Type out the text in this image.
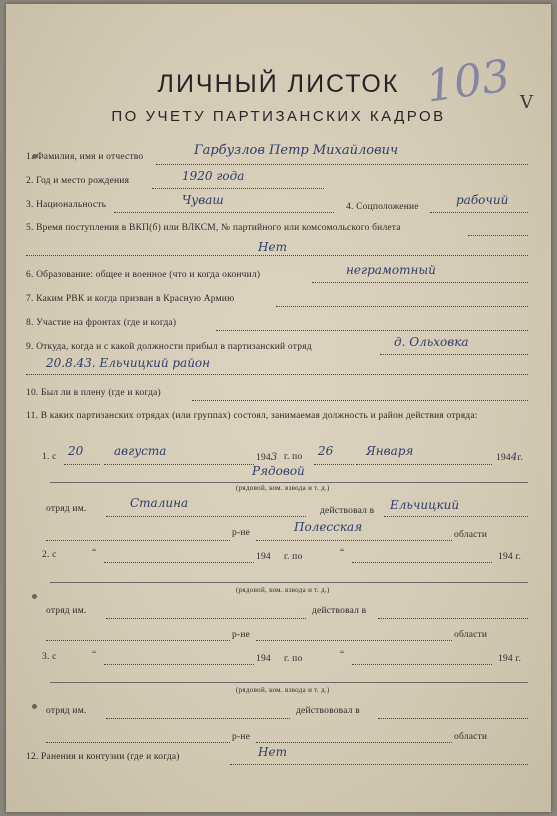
ЛИЧНЫЙ ЛИСТОК
ПО УЧЕТУ ПАРТИЗАНСКИХ КАДРОВ
103 V
1. Фамилия, имя и отчество	Гарбузлов Петр Михайлович
2. Год и место рождения	1920 года
3. Национальность	Чуваш	4. Соцположение	рабочий
5. Время поступления в ВКП(б) или ВЛКСМ, № партийного или комсомольского билета
Нет
6. Образование: общее и военное (что и когда окончил)	неграмотный
7. Каким РВК и когда призван в Красную Армию
8. Участие на фронтах (где и когда)
9. Откуда, когда и с какой должности прибыл в партизанский отряд	д. Ольховка
20.8.43. Ельчицкий район
10. Был ли в плену (где и когда)
11. В каких партизанских отрядах (или группах) состоял, занимаемая должность и район действия отряда:
1. с 20	августа	1943 г. по 26	Января	1944г.
Рядовой
(рядовой, ком. взвода и т. д.)
отряд им.	Сталина
действовал в Ельчицкий
р-не	Полесская
области
2. с	“	194 г. по	“	194 г.
(рядовой, ком. взвода и т. д.)
отряд им.	действовал в
р-не	области
3. с	“	194 г. по	“	194 г.
(рядовой, ком. взвода и т. д.)
отряд им.	действововал в
р-не	области
12. Ранения и контузии (где и когда)	Нет
